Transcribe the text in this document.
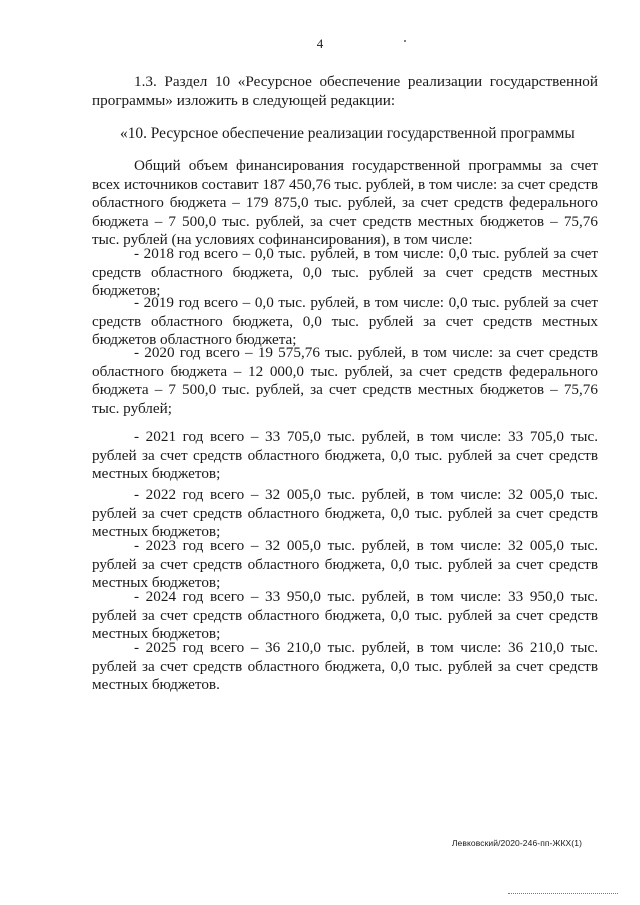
4
1.3. Раздел 10 «Ресурсное обеспечение реализации государственной программы» изложить в следующей редакции:
«10. Ресурсное обеспечение реализации государственной программы
Общий объем финансирования государственной программы за счет всех источников составит 187 450,76 тыс. рублей, в том числе: за счет средств областного бюджета – 179 875,0 тыс. рублей, за счет средств федерального бюджета – 7 500,0 тыс. рублей, за счет средств местных бюджетов – 75,76 тыс. рублей (на условиях софинансирования), в том числе:
- 2018 год всего – 0,0 тыс. рублей, в том числе: 0,0 тыс. рублей за счет средств областного бюджета, 0,0 тыс. рублей за счет средств местных бюджетов;
- 2019 год всего – 0,0 тыс. рублей, в том числе: 0,0 тыс. рублей за счет средств областного бюджета, 0,0 тыс. рублей за счет средств местных бюджетов областного бюджета;
- 2020 год всего – 19 575,76 тыс. рублей, в том числе: за счет средств областного бюджета – 12 000,0 тыс. рублей, за счет средств федерального бюджета – 7 500,0 тыс. рублей, за счет средств местных бюджетов – 75,76 тыс. рублей;
- 2021 год всего – 33 705,0 тыс. рублей, в том числе: 33 705,0 тыс. рублей за счет средств областного бюджета, 0,0 тыс. рублей за счет средств местных бюджетов;
- 2022 год всего – 32 005,0 тыс. рублей, в том числе: 32 005,0 тыс. рублей за счет средств областного бюджета, 0,0 тыс. рублей за счет средств местных бюджетов;
- 2023 год всего – 32 005,0 тыс. рублей, в том числе: 32 005,0 тыс. рублей за счет средств областного бюджета, 0,0 тыс. рублей за счет средств местных бюджетов;
- 2024 год всего – 33 950,0 тыс. рублей, в том числе: 33 950,0 тыс. рублей за счет средств областного бюджета, 0,0 тыс. рублей за счет средств местных бюджетов;
- 2025 год всего – 36 210,0 тыс. рублей, в том числе: 36 210,0 тыс. рублей за счет средств областного бюджета, 0,0 тыс. рублей за счет средств местных бюджетов.
Левковский/2020-246-пп-ЖКХ(1)
